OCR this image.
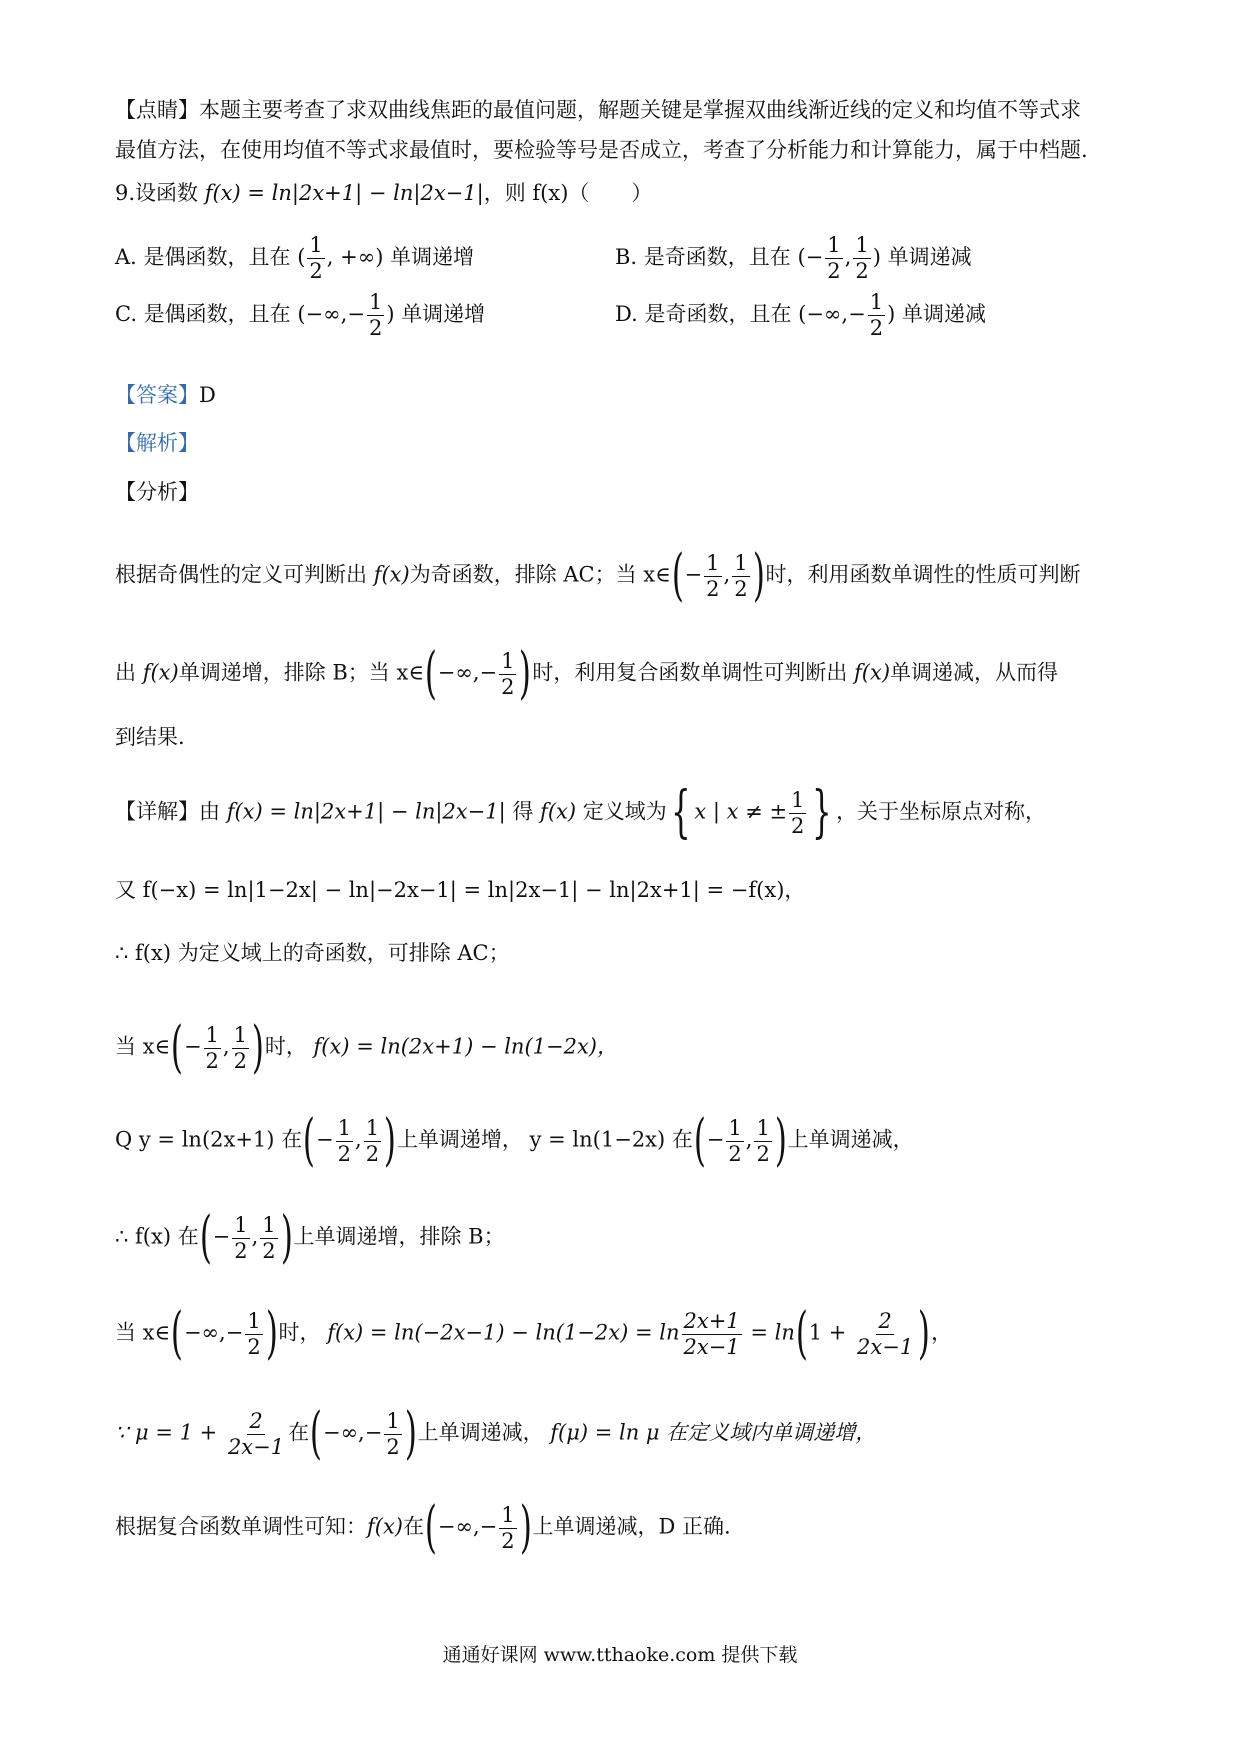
【点睛】本题主要考查了求双曲线焦距的最值问题，解题关键是掌握双曲线渐近线的定义和均值不等式求
最值方法，在使用均值不等式求最值时，要检验等号是否成立，考查了分析能力和计算能力，属于中档题.
9.设函数 f(x) = ln|2x+1| − ln|2x−1|，则 f(x)（　　）
A. 是偶函数，且在 ( $\frac{1}{2}$ , +∞) 单调递增	B. 是奇函数，且在 (− $\frac{1}{2}$ , $\frac{1}{2}$ ) 单调递减
C. 是偶函数，且在 (−∞,− $\frac{1}{2}$ ) 单调递增	D. 是奇函数，且在 (−∞,− $\frac{1}{2}$ ) 单调递减
【答案】D
【解析】
【分析】
根据奇偶性的定义可判断出 f(x)为奇函数，排除 AC；当 x∈(− $\frac{1}{2}$ , $\frac{1}{2}$ )时，利用函数单调性的性质可判断
出 f(x)单调递增，排除 B；当 x∈(−∞,− $\frac{1}{2}$ )时，利用复合函数单调性可判断出 f(x)单调递减，从而得
到结果.
【详解】由 f(x) = ln|2x+1| − ln|2x−1| 得 f(x) 定义域为{ x | x ≠ ± $\frac{1}{2}$ } ，关于坐标原点对称，
又 f(−x) = ln|1−2x| − ln|−2x−1| = ln|2x−1| − ln|2x+1| = −f(x)，
∴ f(x) 为定义域上的奇函数，可排除 AC；
当 x∈(− $\frac{1}{2}$ , $\frac{1}{2}$ )时， f(x) = ln(2x+1) − ln(1−2x)，
Q y = ln(2x+1) 在(− $\frac{1}{2}$ , $\frac{1}{2}$ )上单调递增， y = ln(1−2x) 在(− $\frac{1}{2}$ , $\frac{1}{2}$ )上单调递减，
∴ f(x) 在(− $\frac{1}{2}$ , $\frac{1}{2}$ )上单调递增，排除 B；
当 x∈(−∞,− $\frac{1}{2}$ )时， $f(x) = \ln(-2x-1) - \ln(1-2x) = \ln \frac{2x+1}{2x-1} = \ln(1 + \frac{2}{2x-1}$ )，
∵ $\mu = 1 + \frac{2}{2x-1}$ 在(−∞,− $\frac{1}{2}$ )上单调递减， f(μ) = ln μ 在定义域内单调递增，
根据复合函数单调性可知：f(x)在(−∞,− $\frac{1}{2}$ )上单调递减，D 正确.
通通好课网 www.tthaoke.com 提供下载
